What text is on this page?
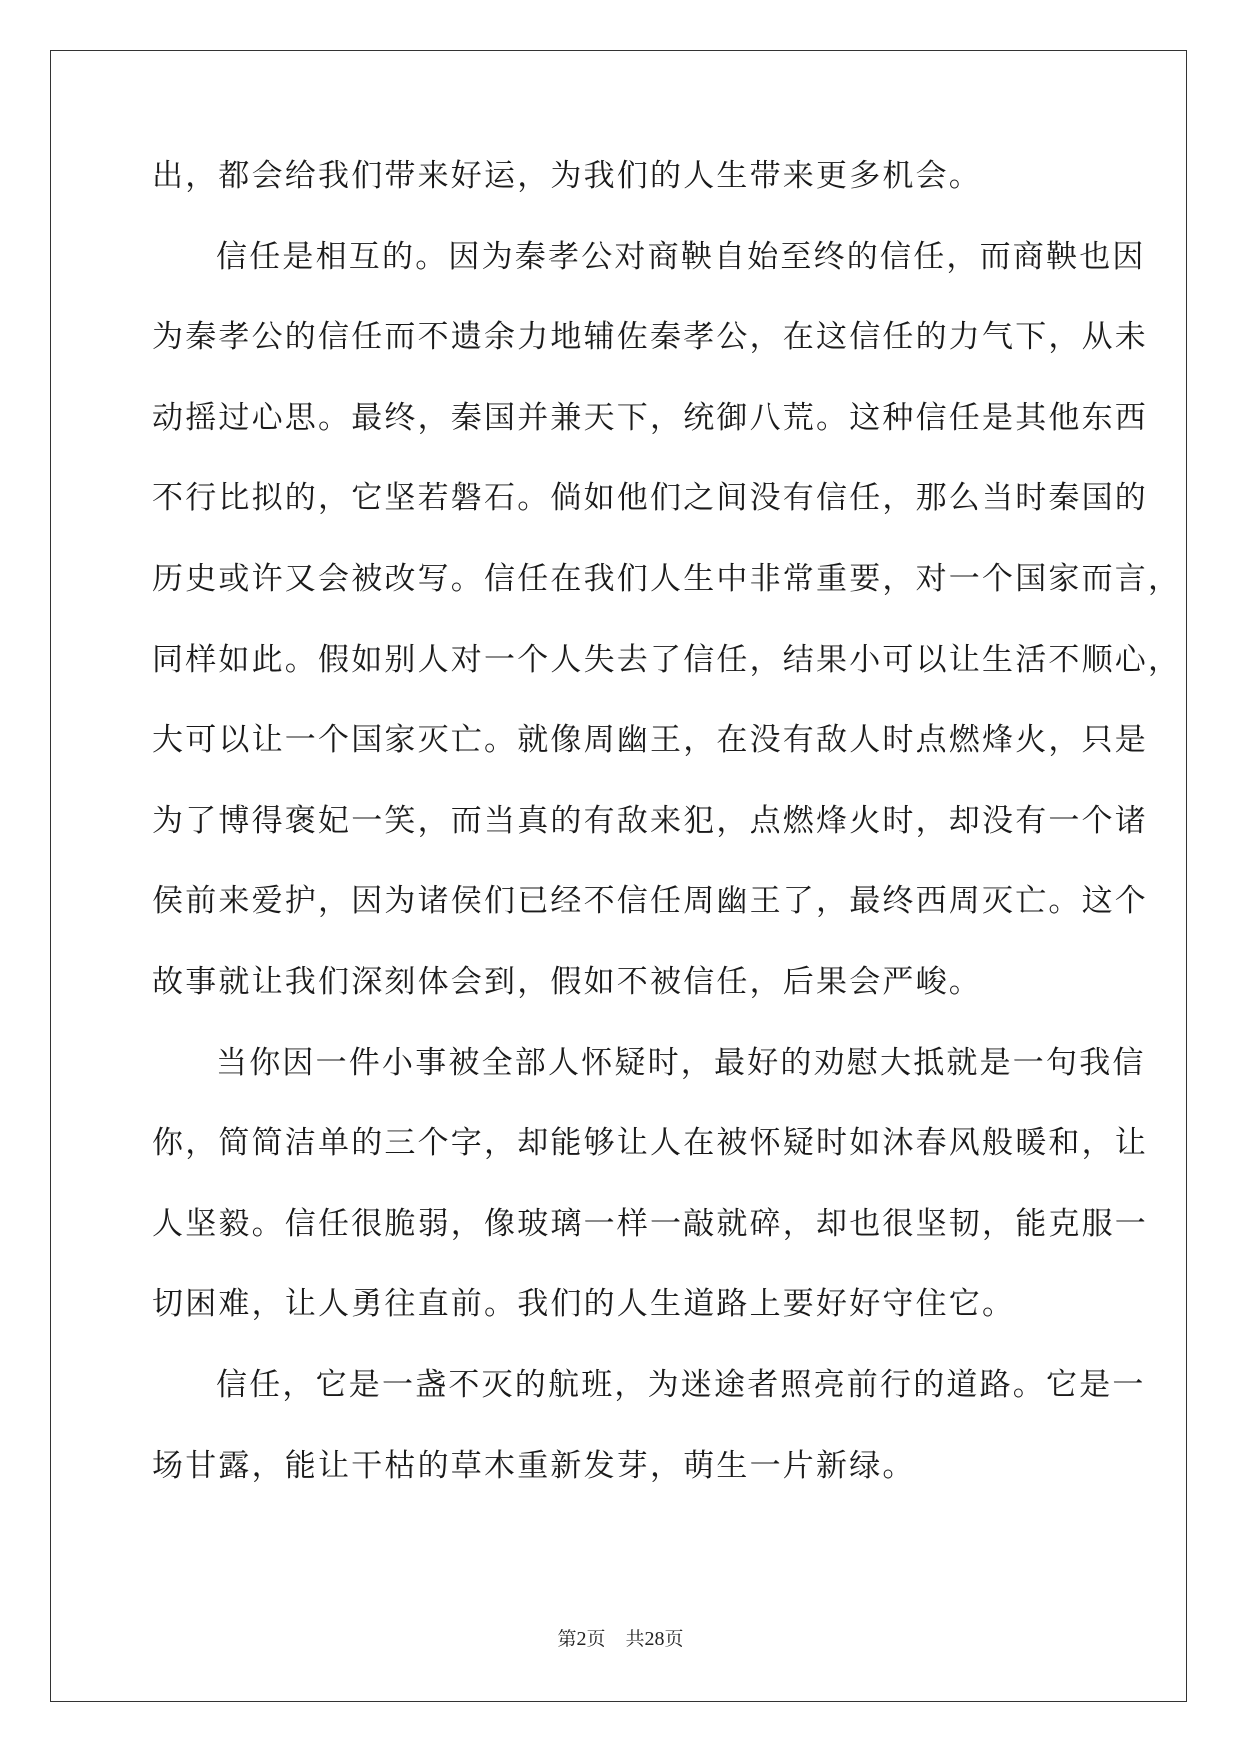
出，都会给我们带来好运，为我们的人生带来更多机会。
信任是相互的。因为秦孝公对商鞅自始至终的信任，而商鞅也因
为秦孝公的信任而不遗余力地辅佐秦孝公，在这信任的力气下，从未
动摇过心思。最终，秦国并兼天下，统御八荒。这种信任是其他东西
不行比拟的，它坚若磐石。倘如他们之间没有信任，那么当时秦国的
历史或许又会被改写。信任在我们人生中非常重要，对一个国家而言，
同样如此。假如别人对一个人失去了信任，结果小可以让生活不顺心，
大可以让一个国家灭亡。就像周幽王，在没有敌人时点燃烽火，只是
为了博得褒妃一笑，而当真的有敌来犯，点燃烽火时，却没有一个诸
侯前来爱护，因为诸侯们已经不信任周幽王了，最终西周灭亡。这个
故事就让我们深刻体会到，假如不被信任，后果会严峻。
当你因一件小事被全部人怀疑时，最好的劝慰大抵就是一句我信
你，简简洁单的三个字，却能够让人在被怀疑时如沐春风般暖和，让
人坚毅。信任很脆弱，像玻璃一样一敲就碎，却也很坚韧，能克服一
切困难，让人勇往直前。我们的人生道路上要好好守住它。
信任，它是一盏不灭的航班，为迷途者照亮前行的道路。它是一
场甘露，能让干枯的草木重新发芽，萌生一片新绿。
第2页 共28页
